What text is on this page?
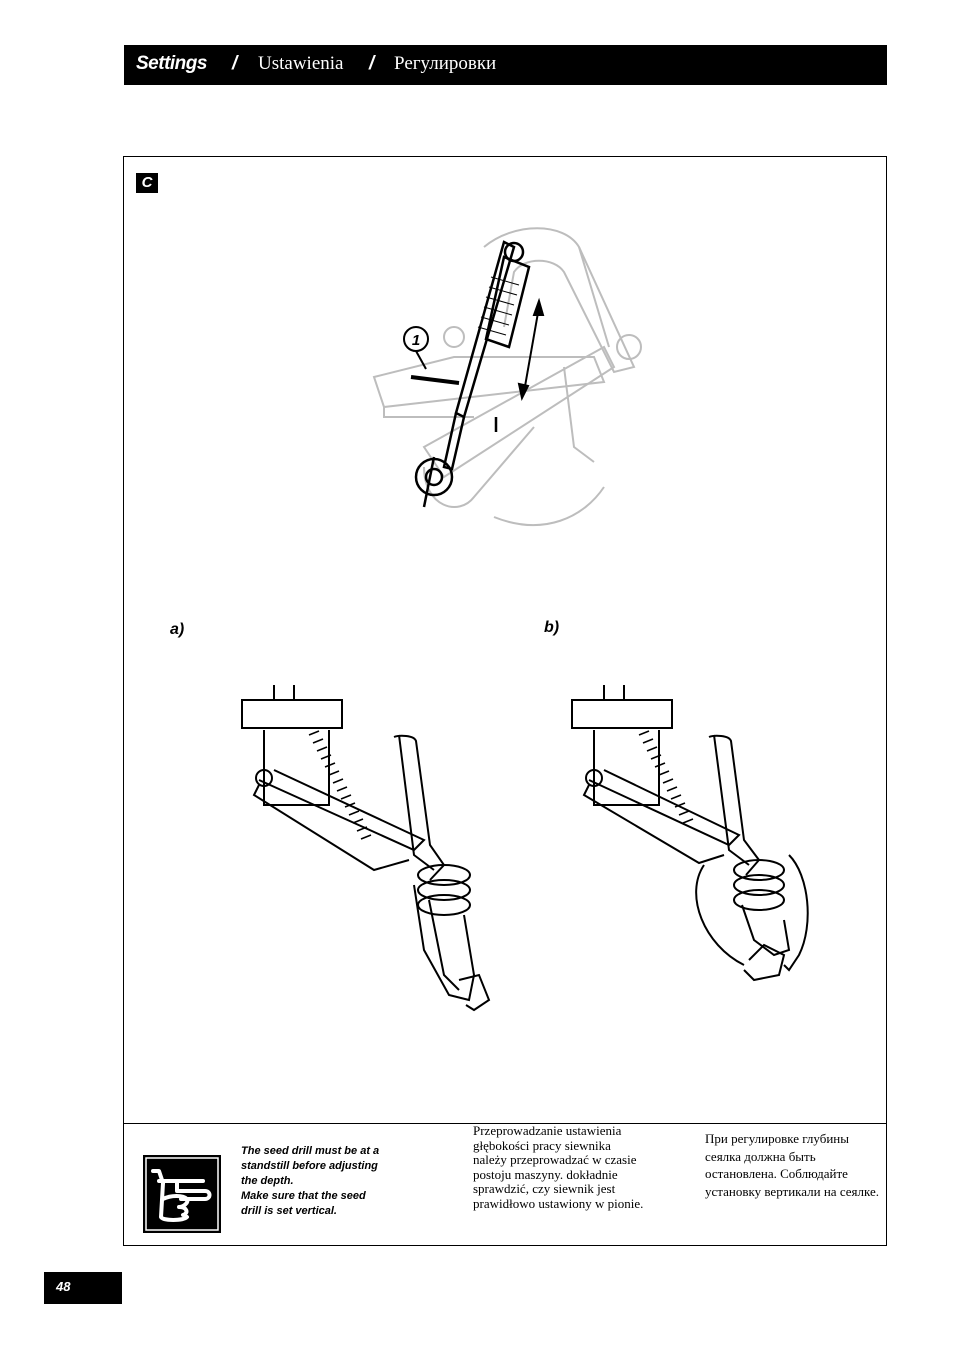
Settings / Ustawienia / Регулировки
C
1
a)	b)
The seed drill must be at a
standstill before adjusting
the depth.
Make sure that the seed
drill is set vertical.
Przeprowadzanie ustawienia głębokości pracy siewnika należy przeprowadzać w czasie postoju maszyny. dokładnie sprawdzić, czy siewnik jest prawidłowo ustawiony w pionie.
При регулировке глубины сеялка должна быть остановлена. Соблюдайте установку вертикали на сеялке.
48
